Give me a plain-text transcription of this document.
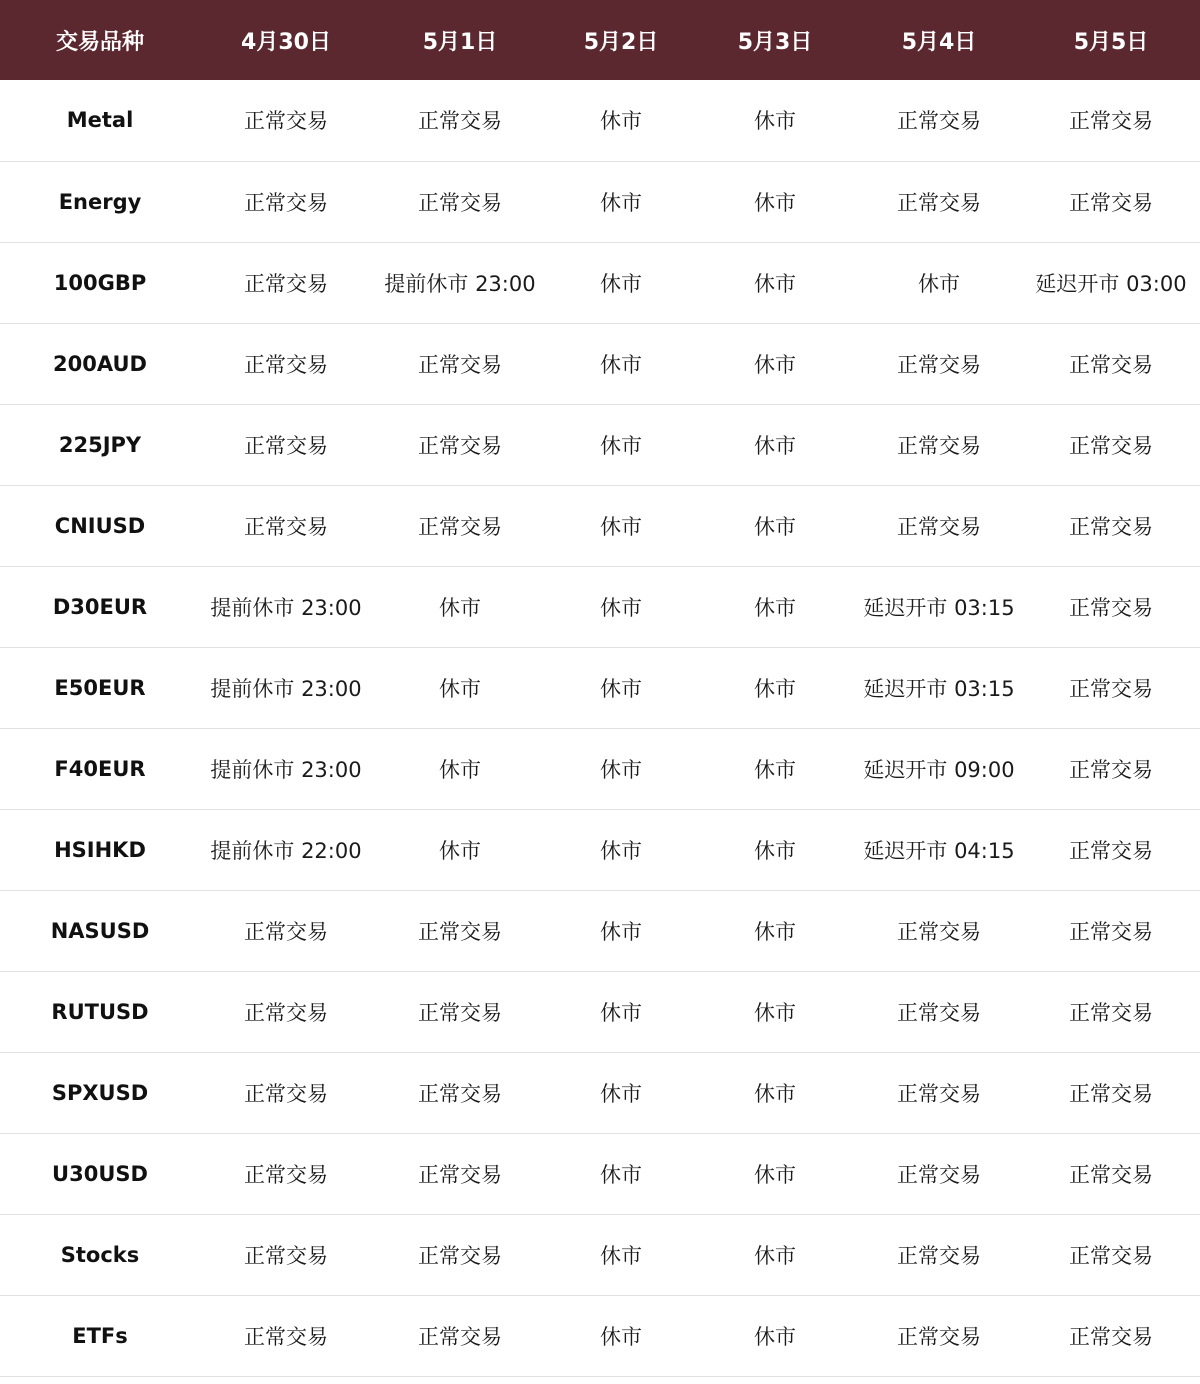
交易品种	4月30日	5月1日	5月2日	5月3日	5月4日	5月5日
Metal	正常交易	正常交易	休市	休市	正常交易	正常交易
Energy	正常交易	正常交易	休市	休市	正常交易	正常交易
100GBP	正常交易	提前休市 23:00	休市	休市	休市	延迟开市 03:00
200AUD	正常交易	正常交易	休市	休市	正常交易	正常交易
225JPY	正常交易	正常交易	休市	休市	正常交易	正常交易
CNIUSD	正常交易	正常交易	休市	休市	正常交易	正常交易
D30EUR	提前休市 23:00	休市	休市	休市	延迟开市 03:15	正常交易
E50EUR	提前休市 23:00	休市	休市	休市	延迟开市 03:15	正常交易
F40EUR	提前休市 23:00	休市	休市	休市	延迟开市 09:00	正常交易
HSIHKD	提前休市 22:00	休市	休市	休市	延迟开市 04:15	正常交易
NASUSD	正常交易	正常交易	休市	休市	正常交易	正常交易
RUTUSD	正常交易	正常交易	休市	休市	正常交易	正常交易
SPXUSD	正常交易	正常交易	休市	休市	正常交易	正常交易
U30USD	正常交易	正常交易	休市	休市	正常交易	正常交易
Stocks	正常交易	正常交易	休市	休市	正常交易	正常交易
ETFs	正常交易	正常交易	休市	休市	正常交易	正常交易
